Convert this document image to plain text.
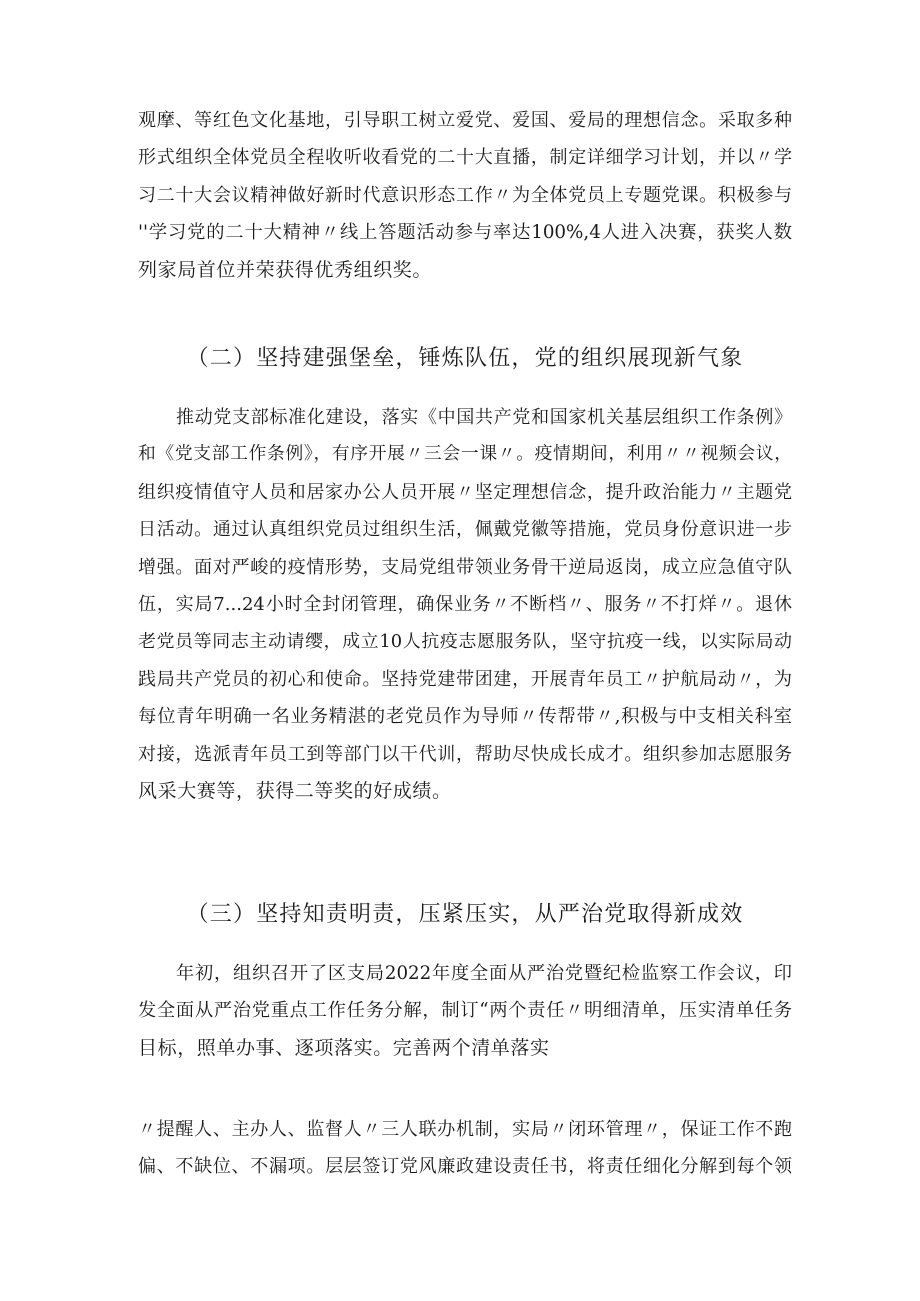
观摩、等红色文化基地，引导职工树立爱党、爱国、爱局的理想信念。采取多种
形式组织全体党员全程收听收看党的二十大直播，制定详细学习计划，并以〃学
习二十大会议精神做好新时代意识形态工作〃为全体党员上专题党课。积极参与
''学习党的二十大精神〃线上答题活动参与率达100%,4人进入决赛，获奖人数
列家局首位并荣获得优秀组织奖。
（二）坚持建强堡垒，锤炼队伍，党的组织展现新气象
推动党支部标准化建设，落实《中国共产党和国家机关基层组织工作条例》
和《党支部工作条例》，有序开展〃三会一课〃。疫情期间，利用〃〃视频会议，
组织疫情值守人员和居家办公人员开展〃坚定理想信念，提升政治能力〃主题党
日活动。通过认真组织党员过组织生活，佩戴党徽等措施，党员身份意识进一步
增强。面对严峻的疫情形势，支局党组带领业务骨干逆局返岗，成立应急值守队
伍，实局7...24小时全封闭管理，确保业务〃不断档〃、服务〃不打烊〃。退休
老党员等同志主动请缨，成立10人抗疫志愿服务队，坚守抗疫一线，以实际局动
践局共产党员的初心和使命。坚持党建带团建，开展青年员工〃护航局动〃，为
每位青年明确一名业务精湛的老党员作为导师〃传帮带〃,积极与中支相关科室
对接，选派青年员工到等部门以干代训，帮助尽快成长成才。组织参加志愿服务
风采大赛等，获得二等奖的好成绩。
（三）坚持知责明责，压紧压实，从严治党取得新成效
年初，组织召开了区支局2022年度全面从严治党暨纪检监察工作会议，印
发全面从严治党重点工作任务分解，制订“两个责任〃明细清单，压实清单任务
目标，照单办事、逐项落实。完善两个清单落实
〃提醒人、主办人、监督人〃三人联办机制，实局〃闭环管理〃，保证工作不跑
偏、不缺位、不漏项。层层签订党风廉政建设责任书，将责任细化分解到每个领
